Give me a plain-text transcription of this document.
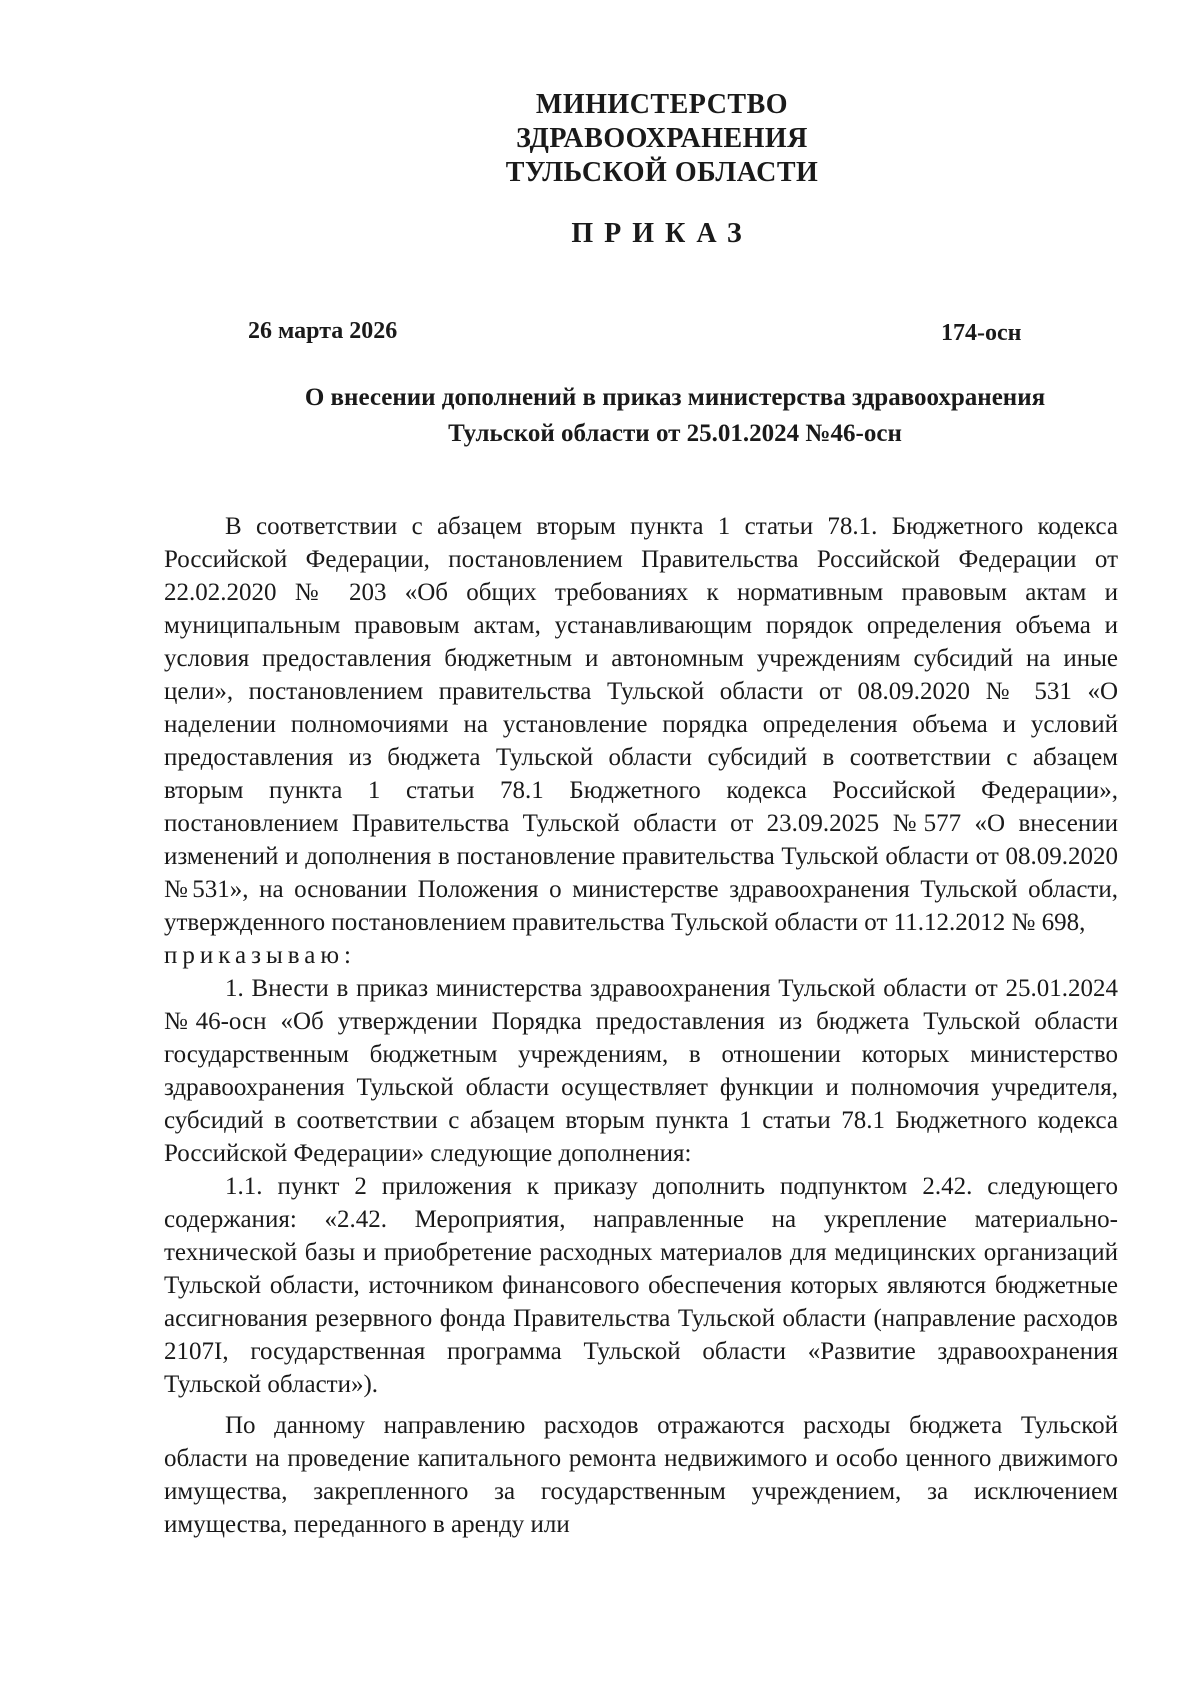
МИНИСТЕРСТВО
ЗДРАВООХРАНЕНИЯ
ТУЛЬСКОЙ ОБЛАСТИ
ПРИКАЗ
26 марта 2026	174-осн
О внесении дополнений в приказ министерства здравоохранения
Тульской области от 25.01.2024 №46-осн

В соответствии с абзацем вторым пункта 1 статьи 78.1. Бюджетного кодекса Российской Федерации, постановлением Правительства Российской Федерации от 22.02.2020 № 203 «Об общих требованиях к нормативным правовым актам и муниципальным правовым актам, устанавливающим порядок определения объема и условия предоставления бюджетным и автономным учреждениям субсидий на иные цели», постановлением правительства Тульской области от 08.09.2020 № 531 «О наделении полномочиями на установление порядка определения объема и условий предоставления из бюджета Тульской области субсидий в соответствии с абзацем вторым пункта 1 статьи 78.1 Бюджетного кодекса Российской Федерации», постановлением Правительства Тульской области от 23.09.2025 №577 «О внесении изменений и дополнения в постановление правительства Тульской области от 08.09.2020 №531», на основании Положения о министерстве здравоохранения Тульской области, утвержденного постановлением правительства Тульской области от 11.12.2012 № 698,

приказываю:

1. Внести в приказ министерства здравоохранения Тульской области от 25.01.2024 №46-осн «Об утверждении Порядка предоставления из бюджета Тульской области государственным бюджетным учреждениям, в отношении которых министерство здравоохранения Тульской области осуществляет функции и полномочия учредителя, субсидий в соответствии с абзацем вторым пункта 1 статьи 78.1 Бюджетного кодекса Российской Федерации» следующие дополнения:

1.1. пункт 2 приложения к приказу дополнить подпунктом 2.42. следующего содержания: «2.42. Мероприятия, направленные на укрепление материально-технической базы и приобретение расходных материалов для медицинских организаций Тульской области, источником финансового обеспечения которых являются бюджетные ассигнования резервного фонда Правительства Тульской области (направление расходов 2107I, государственная программа Тульской области «Развитие здравоохранения Тульской области»).

По данному направлению расходов отражаются расходы бюджета Тульской области на проведение капитального ремонта недвижимого и особо ценного движимого имущества, закрепленного за государственным учреждением, за исключением имущества, переданного в аренду или
